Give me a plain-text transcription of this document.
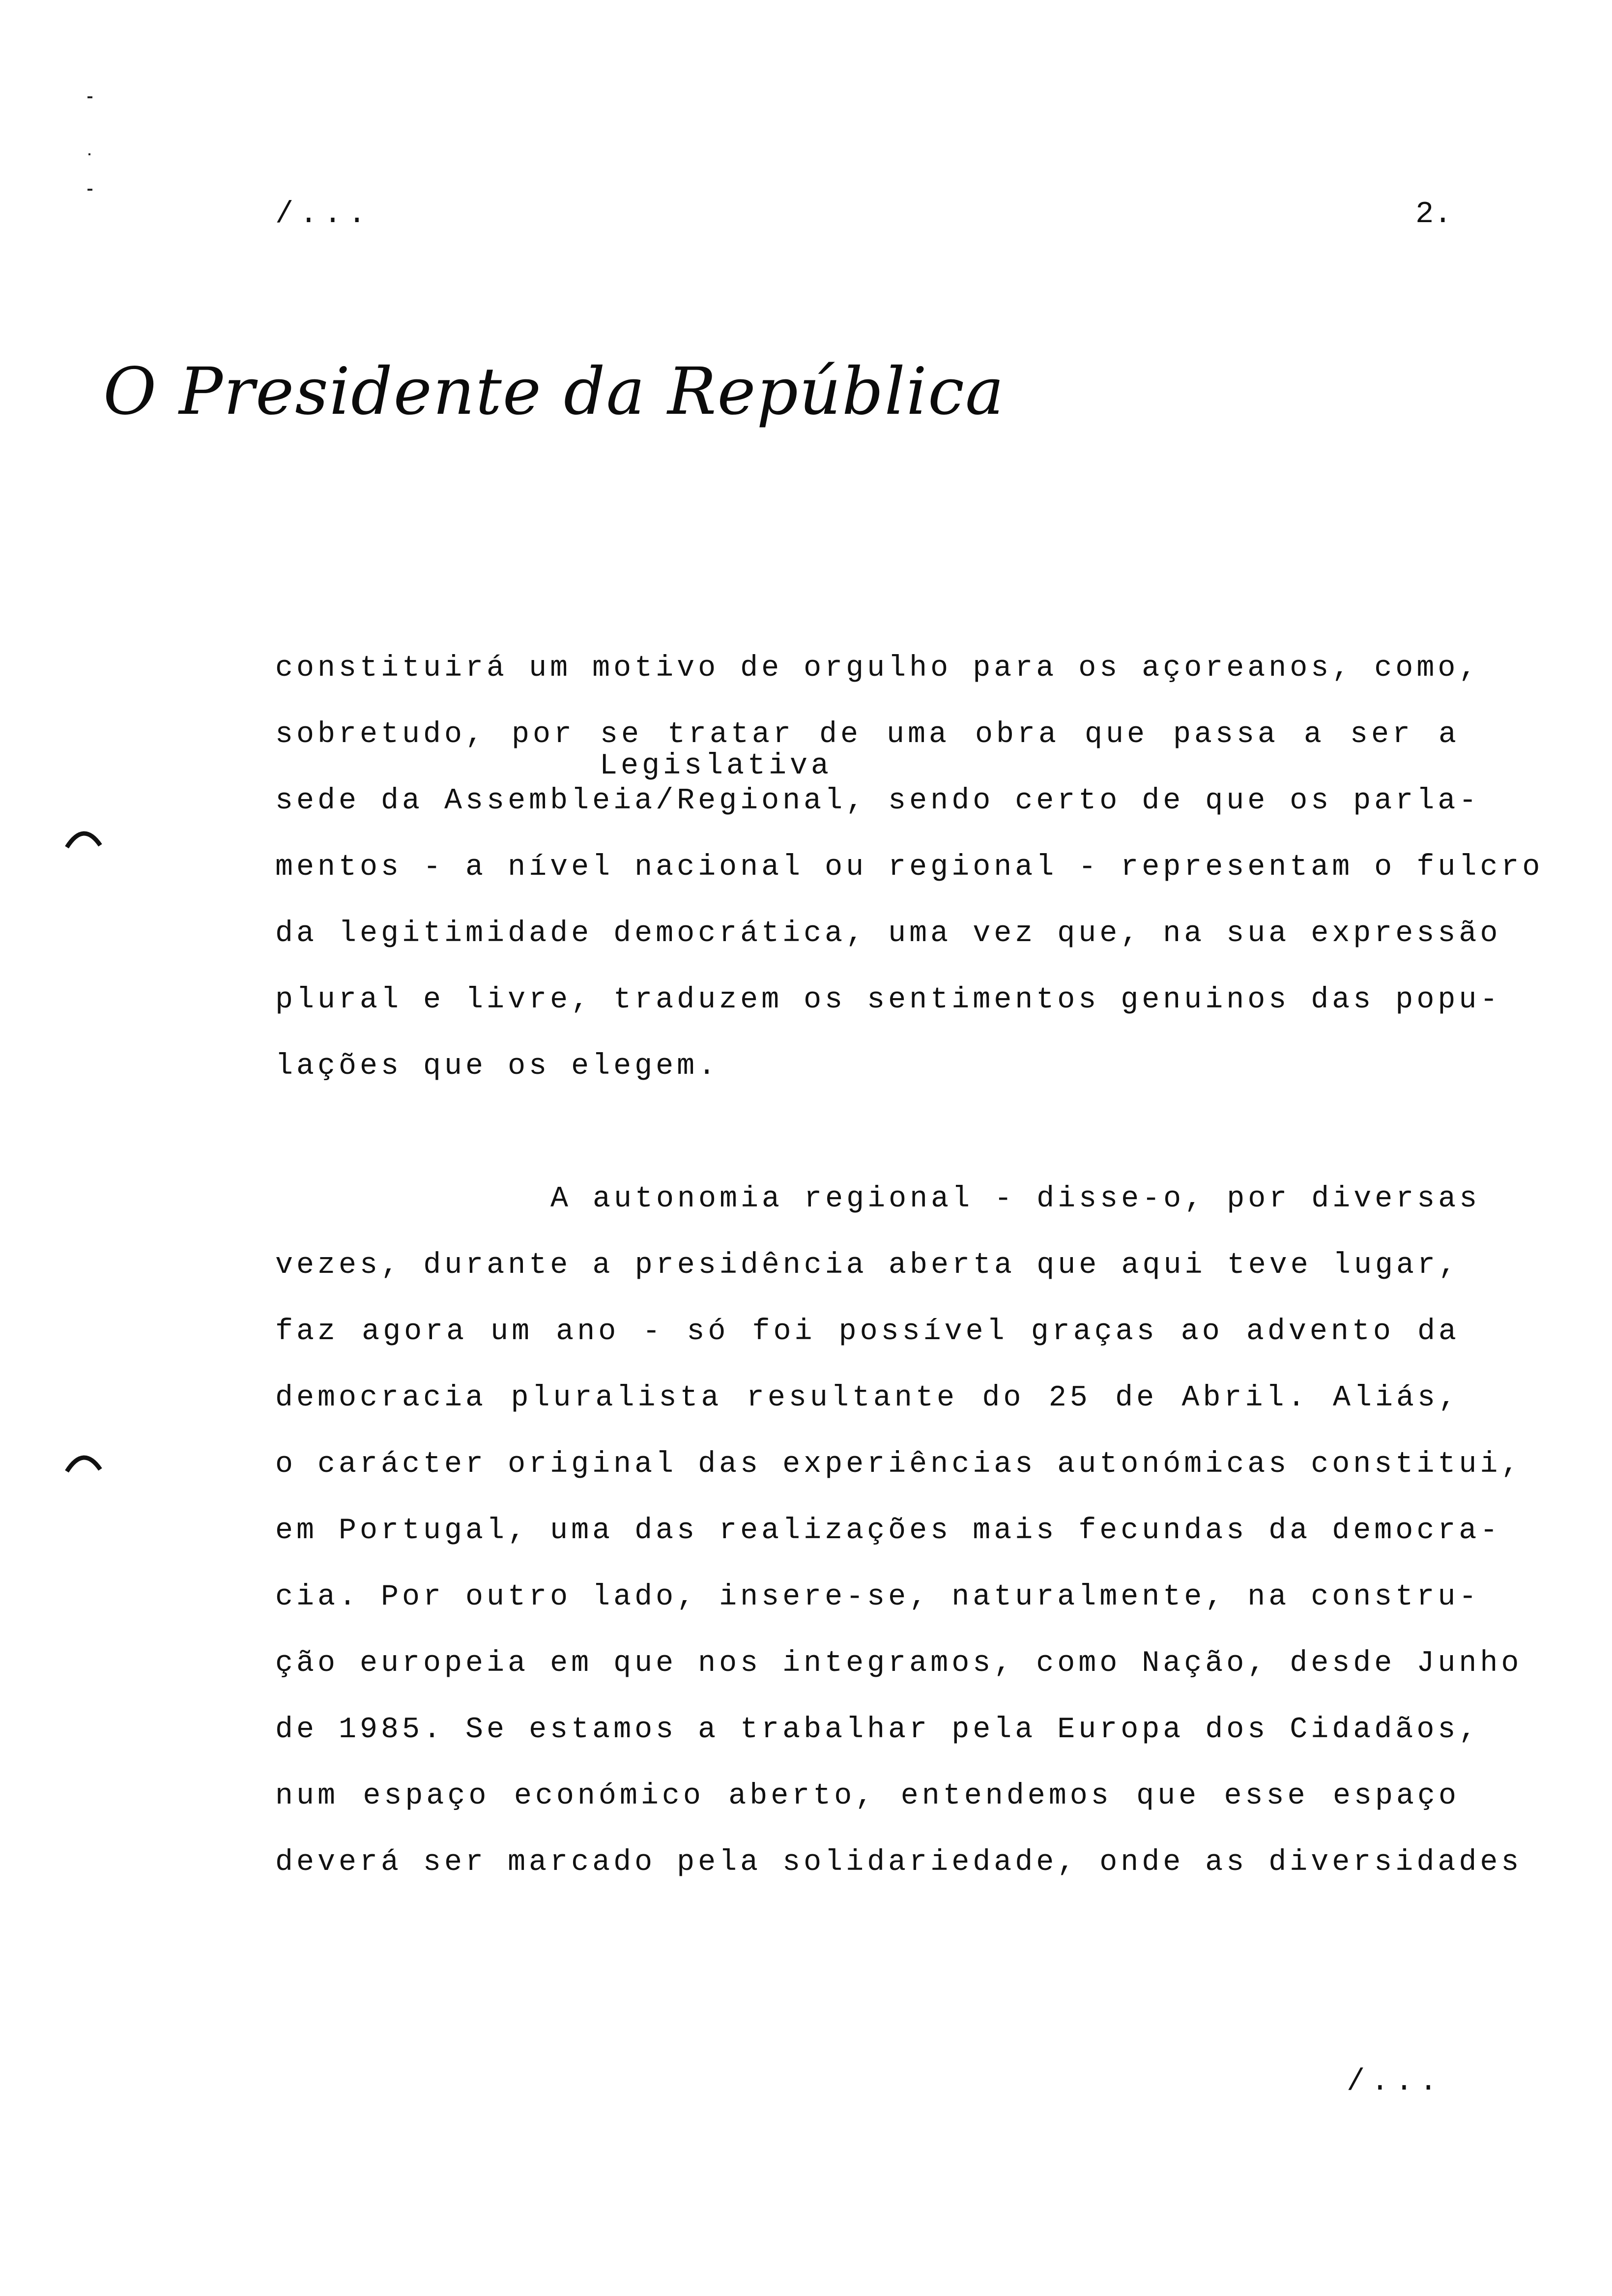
/...	2.
O Presidente da República
constituirá um motivo de orgulho para os açoreanos, como,
sobretudo, por se tratar de uma obra que passa a ser a
Legislativa
sede da Assembleia/Regional, sendo certo de que os parla-
mentos - a nível nacional ou regional - representam o fulcro
da legitimidade democrática, uma vez que, na sua expressão
plural e livre, traduzem os sentimentos genuinos das popu-
lações que os elegem.
A autonomia regional - disse-o, por diversas
vezes, durante a presidência aberta que aqui teve lugar,
faz agora um ano - só foi possível graças ao advento da
democracia pluralista resultante do 25 de Abril. Aliás,
o carácter original das experiências autonómicas constitui,
em Portugal, uma das realizações mais fecundas da democra-
cia. Por outro lado, insere-se, naturalmente, na constru-
ção europeia em que nos integramos, como Nação, desde Junho
de 1985. Se estamos a trabalhar pela Europa dos Cidadãos,
num espaço económico aberto, entendemos que esse espaço
deverá ser marcado pela solidariedade, onde as diversidades
/...
